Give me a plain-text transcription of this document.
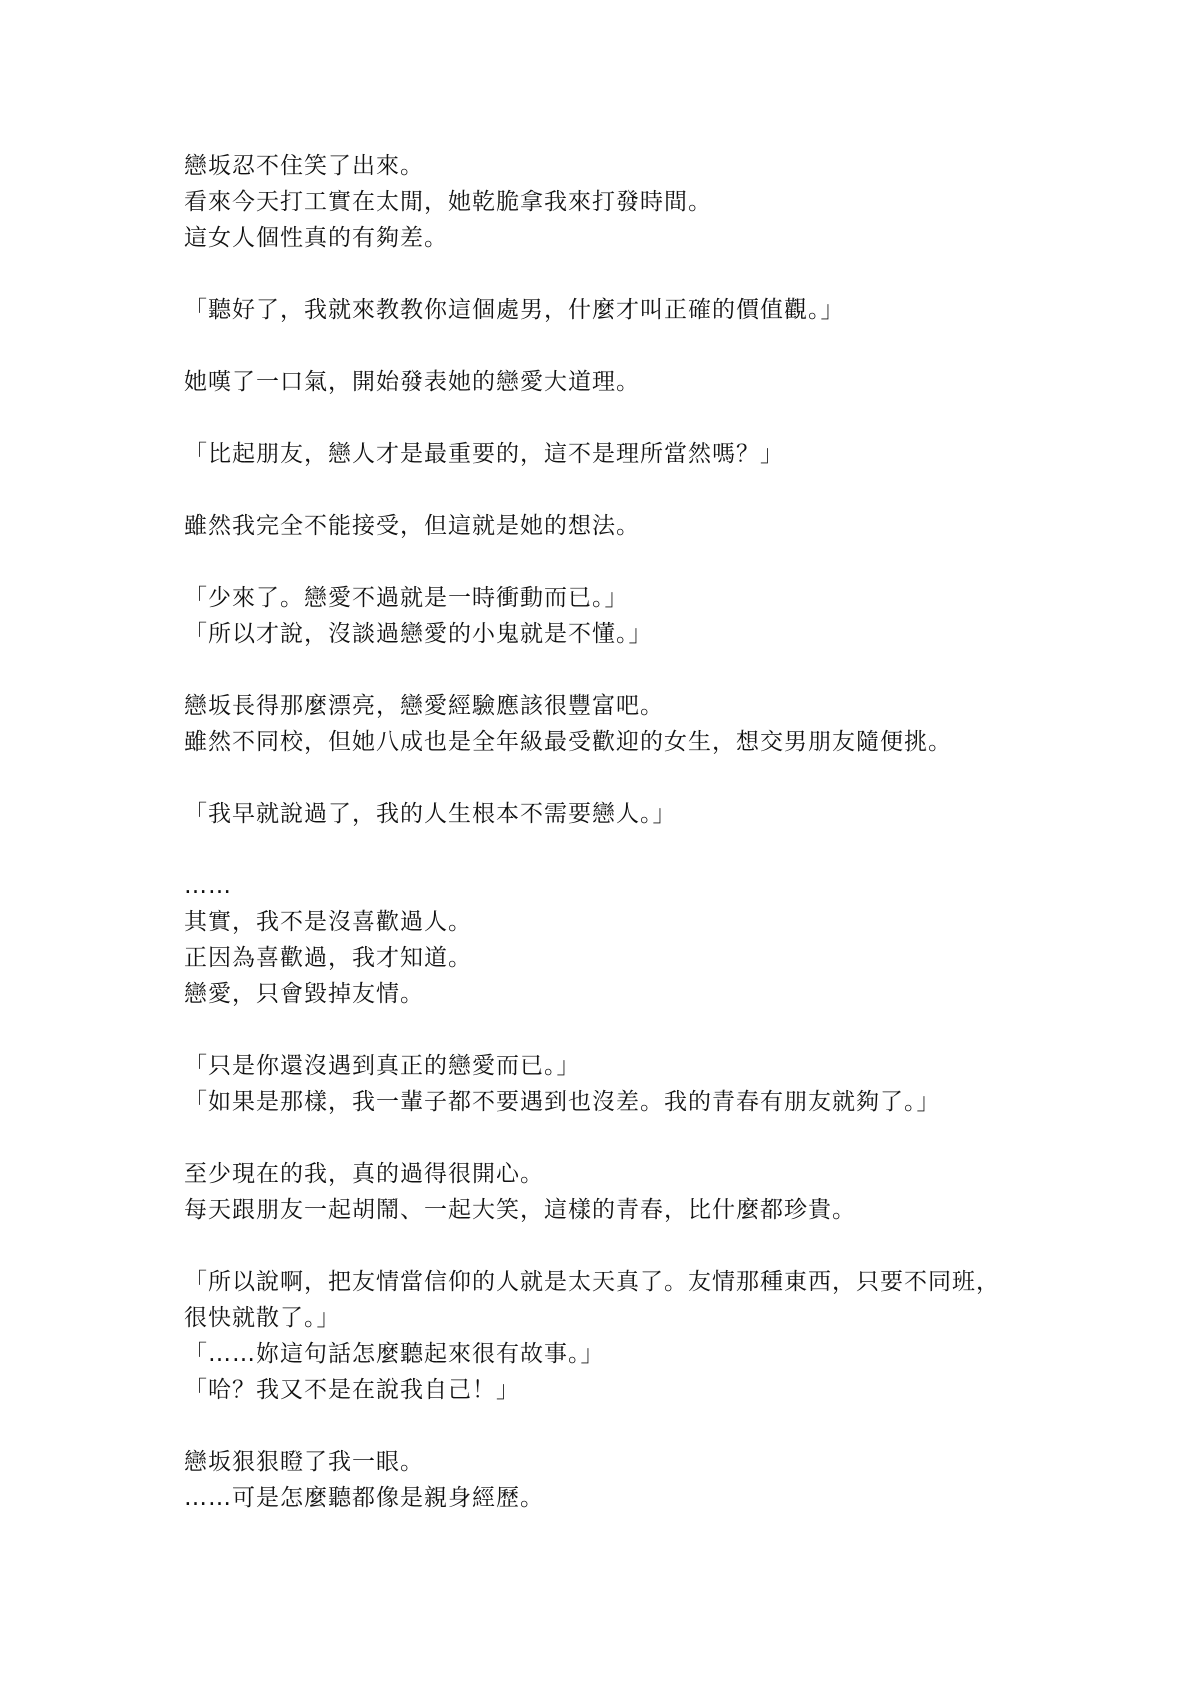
戀坂忍不住笑了出來。
看來今天打工實在太閒，她乾脆拿我來打發時間。
這女人個性真的有夠差。
「聽好了，我就來教教你這個處男，什麼才叫正確的價值觀。」
她嘆了一口氣，開始發表她的戀愛大道理。
「比起朋友，戀人才是最重要的，這不是理所當然嗎？」
雖然我完全不能接受，但這就是她的想法。
「少來了。戀愛不過就是一時衝動而已。」
「所以才說，沒談過戀愛的小鬼就是不懂。」
戀坂長得那麼漂亮，戀愛經驗應該很豐富吧。
雖然不同校，但她八成也是全年級最受歡迎的女生，想交男朋友隨便挑。
「我早就說過了，我的人生根本不需要戀人。」
……
其實，我不是沒喜歡過人。
正因為喜歡過，我才知道。
戀愛，只會毀掉友情。
「只是你還沒遇到真正的戀愛而已。」
「如果是那樣，我一輩子都不要遇到也沒差。我的青春有朋友就夠了。」
至少現在的我，真的過得很開心。
每天跟朋友一起胡鬧、一起大笑，這樣的青春，比什麼都珍貴。
「所以說啊，把友情當信仰的人就是太天真了。友情那種東西，只要不同班，
很快就散了。」
「……妳這句話怎麼聽起來很有故事。」
「哈？我又不是在說我自己！」
戀坂狠狠瞪了我一眼。
……可是怎麼聽都像是親身經歷。
